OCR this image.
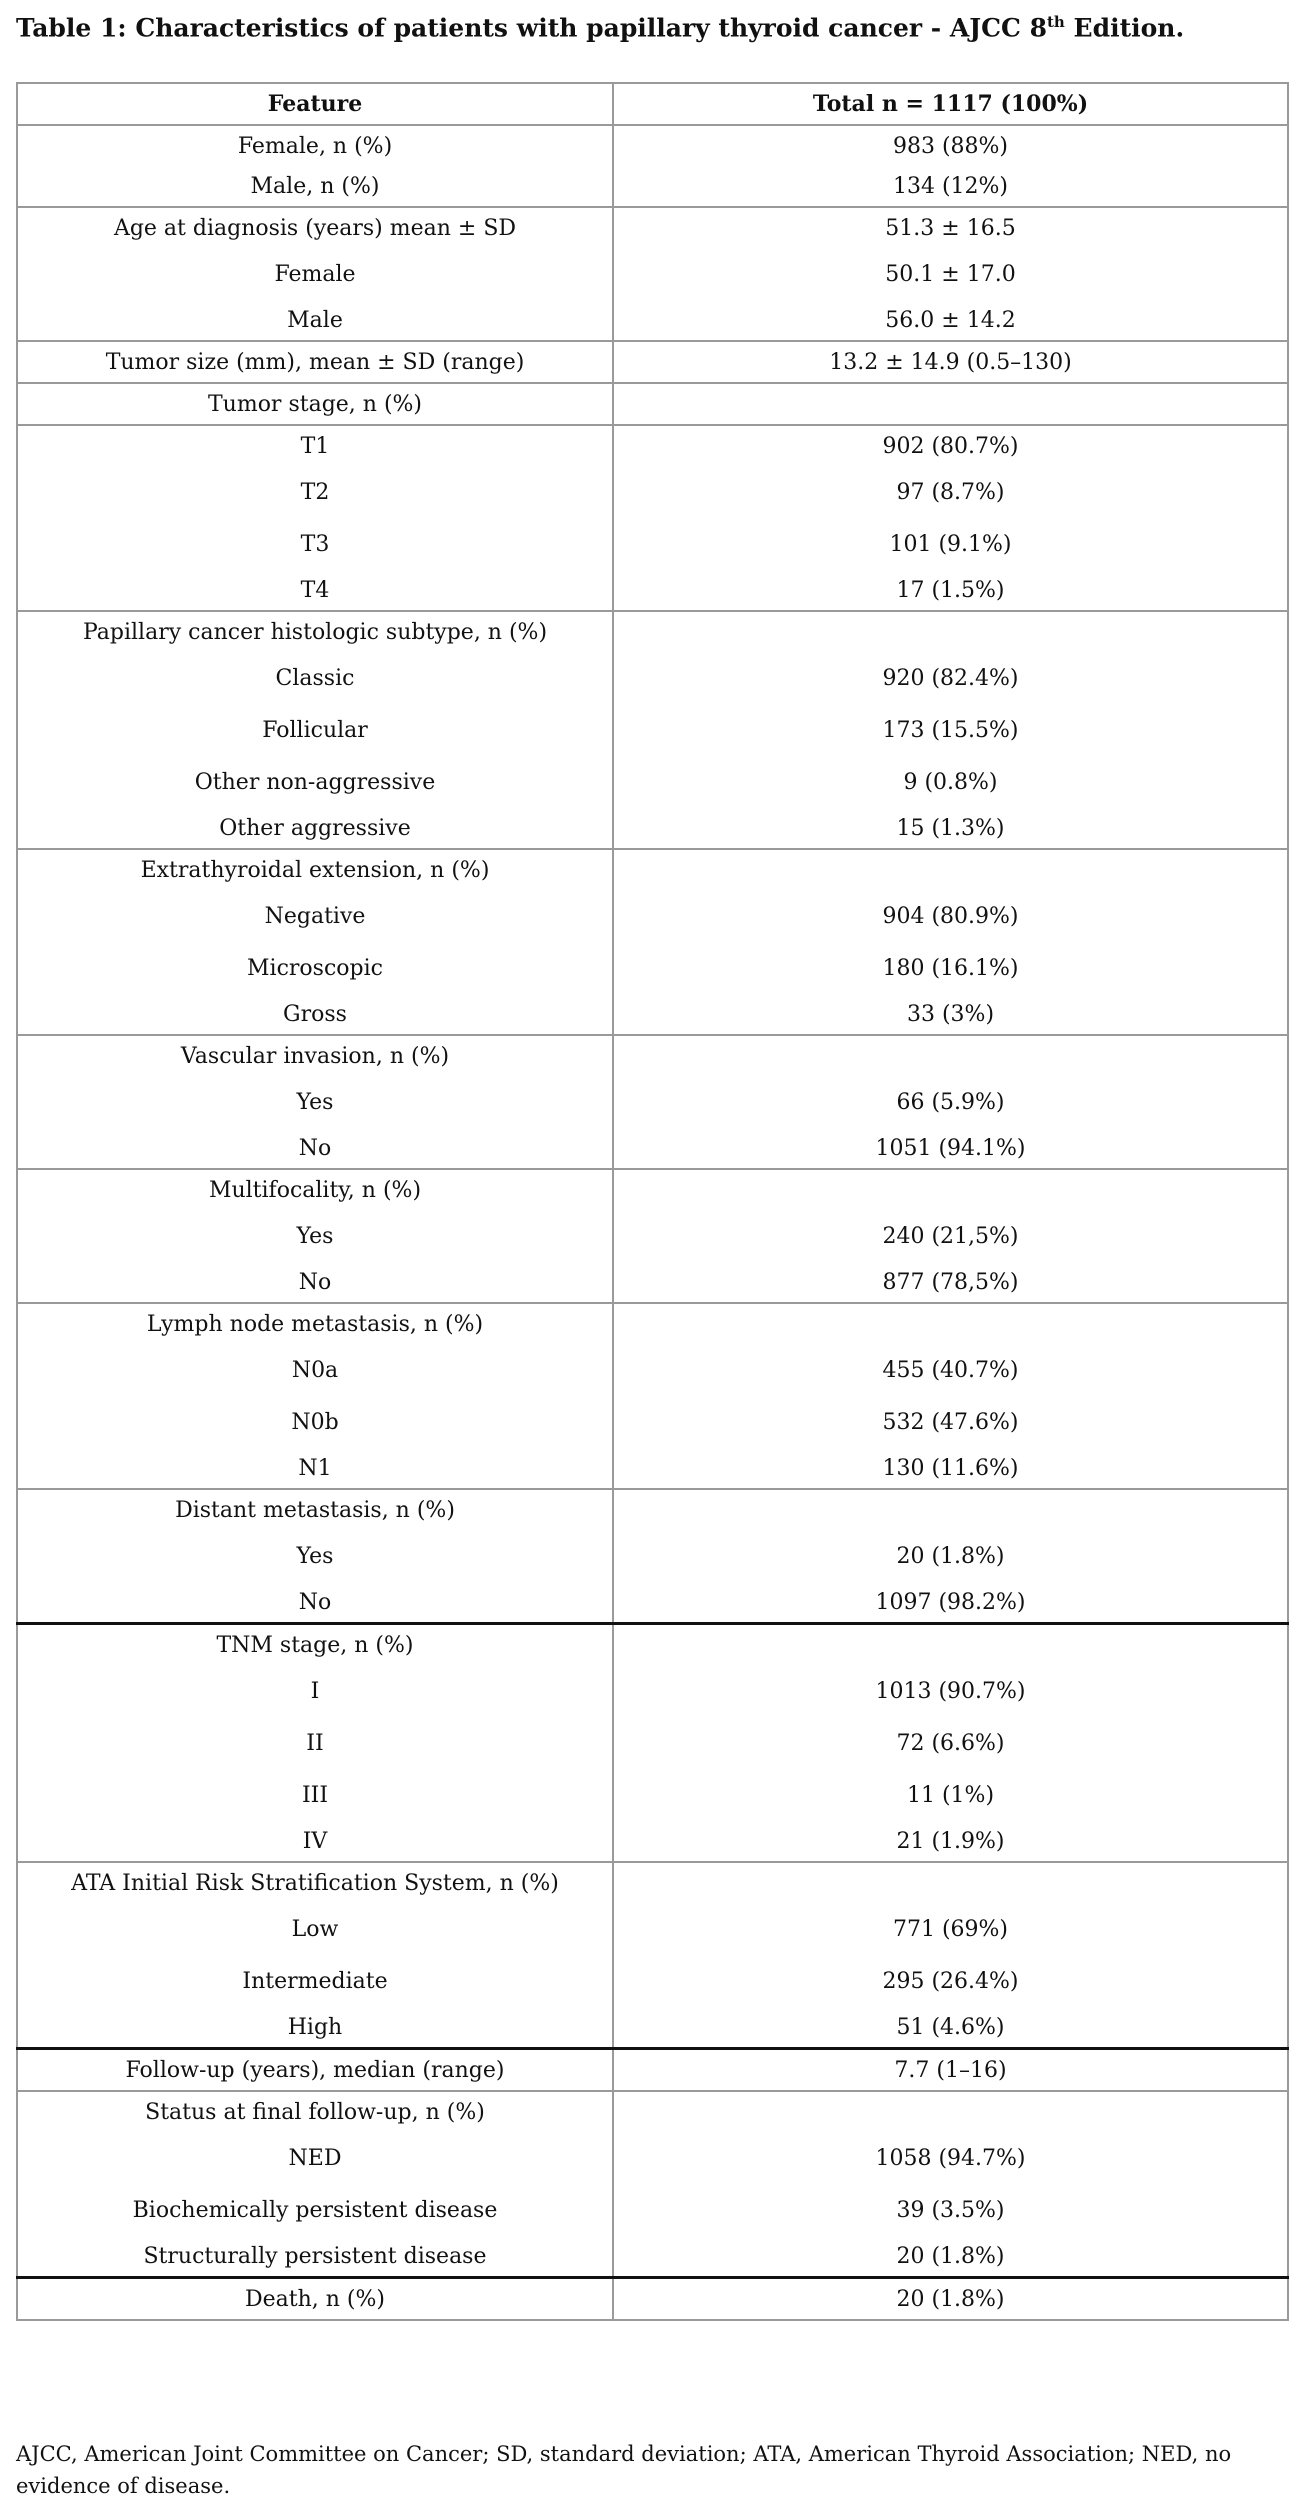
Table 1: Characteristics of patients with papillary thyroid cancer - AJCC 8th Edition.
Feature	Total n = 1117 (100%)
Female, n (%)	983 (88%)
Male, n (%)	134 (12%)
Age at diagnosis (years) mean ± SD	51.3 ± 16.5
Female	50.1 ± 17.0
Male	56.0 ± 14.2
Tumor size (mm), mean ± SD (range)	13.2 ± 14.9 (0.5–130)
Tumor stage, n (%)	
T1	902 (80.7%)
T2	97 (8.7%)
T3	101 (9.1%)
T4	17 (1.5%)
Papillary cancer histologic subtype, n (%)	
Classic	920 (82.4%)
Follicular	173 (15.5%)
Other non-aggressive	9 (0.8%)
Other aggressive	15 (1.3%)
Extrathyroidal extension, n (%)	
Negative	904 (80.9%)
Microscopic	180 (16.1%)
Gross	33 (3%)
Vascular invasion, n (%)	
Yes	66 (5.9%)
No	1051 (94.1%)
Multifocality, n (%)	
Yes	240 (21,5%)
No	877 (78,5%)
Lymph node metastasis, n (%)	
N0a	455 (40.7%)
N0b	532 (47.6%)
N1	130 (11.6%)
Distant metastasis, n (%)	
Yes	20 (1.8%)
No	1097 (98.2%)
TNM stage, n (%)	
I	1013 (90.7%)
II	72 (6.6%)
III	11 (1%)
IV	21 (1.9%)
ATA Initial Risk Stratification System, n (%)	
Low	771 (69%)
Intermediate	295 (26.4%)
High	51 (4.6%)
Follow-up (years), median (range)	7.7 (1–16)
Status at final follow-up, n (%)	
NED	1058 (94.7%)
Biochemically persistent disease	39 (3.5%)
Structurally persistent disease	20 (1.8%)
Death, n (%)	20 (1.8%)
AJCC, American Joint Committee on Cancer; SD, standard deviation; ATA, American Thyroid Association; NED, no evidence of disease.
